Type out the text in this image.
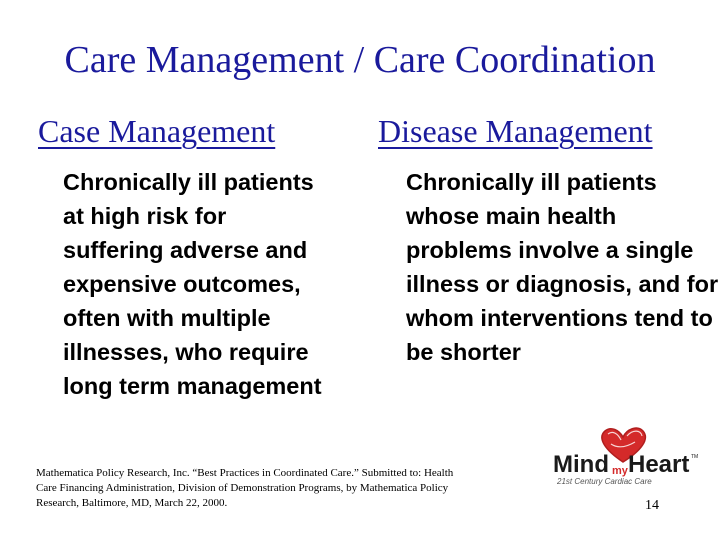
Care Management / Care Coordination
Case Management	Disease Management

Chronically ill patients at high risk for suffering adverse and expensive outcomes, often with multiple illnesses, who require long term management

Chronically ill patients whose main health problems involve a single illness or diagnosis, and for whom interventions tend to be shorter

Mathematica Policy Research, Inc. “Best Practices in Coordinated Care.” Submitted to: Health Care Financing Administration, Division of Demonstration Programs, by Mathematica Policy Research, Baltimore, MD, March 22, 2000.

Mind my Heart TM
21st Century Cardiac Care
14
